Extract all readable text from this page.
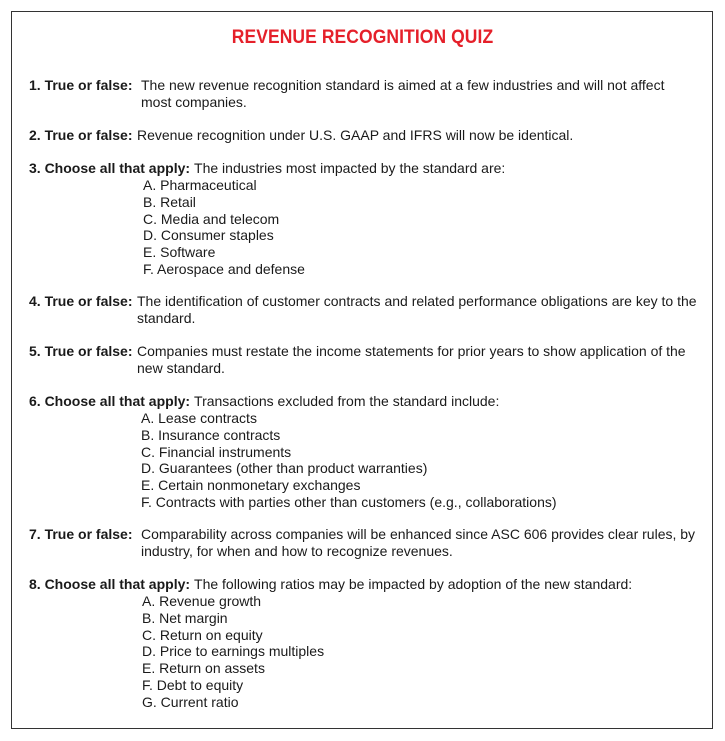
REVENUE RECOGNITION QUIZ
1. True or false: The new revenue recognition standard is aimed at a few industries and will not affect most companies.
2. True or false: Revenue recognition under U.S. GAAP and IFRS will now be identical.
3. Choose all that apply: The industries most impacted by the standard are:
A. Pharmaceutical
B. Retail
C. Media and telecom
D. Consumer staples
E. Software
F. Aerospace and defense
4. True or false: The identification of customer contracts and related performance obligations are key to the standard.
5. True or false: Companies must restate the income statements for prior years to show application of the new standard.
6. Choose all that apply: Transactions excluded from the standard include:
A. Lease contracts
B. Insurance contracts
C. Financial instruments
D. Guarantees (other than product warranties)
E. Certain nonmonetary exchanges
F. Contracts with parties other than customers (e.g., collaborations)
7. True or false: Comparability across companies will be enhanced since ASC 606 provides clear rules, by industry, for when and how to recognize revenues.
8. Choose all that apply: The following ratios may be impacted by adoption of the new standard:
A. Revenue growth
B. Net margin
C. Return on equity
D. Price to earnings multiples
E. Return on assets
F. Debt to equity
G. Current ratio
